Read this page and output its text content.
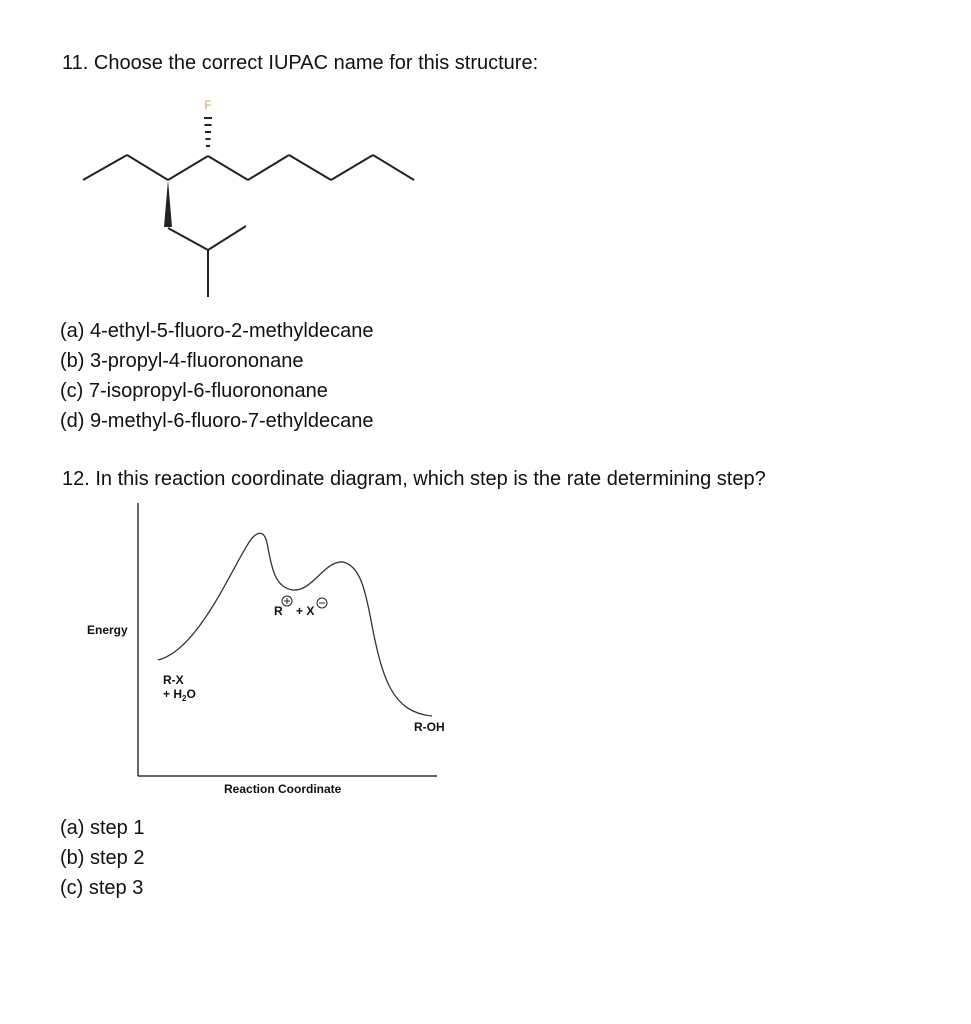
11. Choose the correct IUPAC name for this structure:
F
Energy
Reaction Coordinate
R-X
+ $H_2O$
R    + X
R-OH
(a) 4-ethyl-5-fluoro-2-methyldecane
(b) 3-propyl-4-fluorononane
(c) 7-isopropyl-6-fluorononane
(d) 9-methyl-6-fluoro-7-ethyldecane
12. In this reaction coordinate diagram, which step is the rate determining step?
(a) step 1
(b) step 2
(c) step 3
